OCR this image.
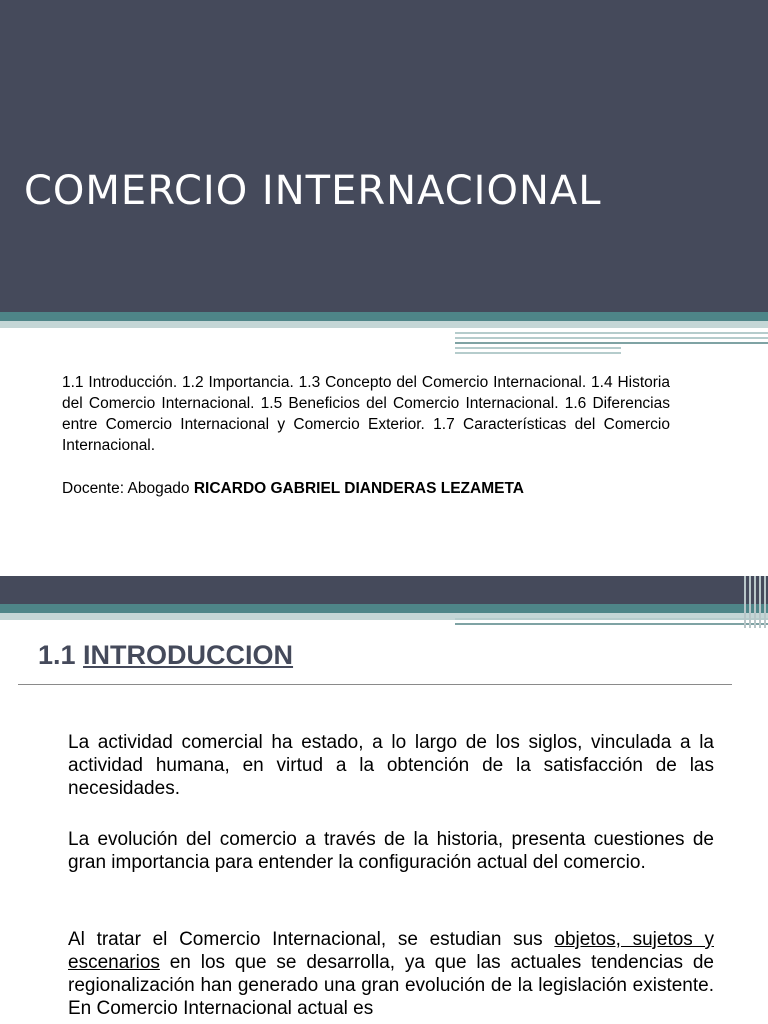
COMERCIO INTERNACIONAL

1.1 Introducción. 1.2 Importancia. 1.3 Concepto del Comercio Internacional. 1.4 Historia del Comercio Internacional. 1.5 Beneficios del Comercio Internacional. 1.6 Diferencias entre Comercio Internacional y Comercio Exterior. 1.7 Características del Comercio Internacional.

Docente: Abogado RICARDO GABRIEL DIANDERAS LEZAMETA

1.1 INTRODUCCION

La actividad comercial ha estado, a lo largo de los siglos, vinculada a la actividad humana, en virtud a la obtención de la satisfacción de las necesidades.

La evolución del comercio a través de la historia, presenta cuestiones de gran importancia para entender la configuración actual del comercio.

Al tratar el Comercio Internacional, se estudian sus objetos, sujetos y escenarios en los que se desarrolla, ya que las actuales tendencias de regionalización han generado una gran evolución de la legislación existente. En Comercio Internacional actual es
